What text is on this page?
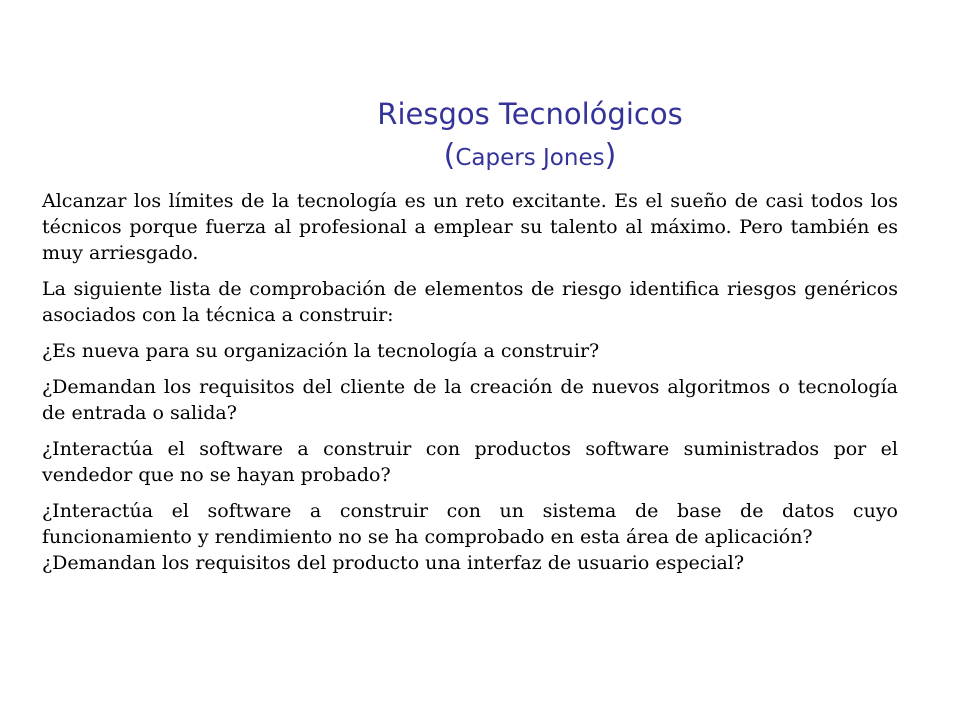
Riesgos Tecnológicos
(Capers Jones)

Alcanzar los límites de la tecnología es un reto excitante. Es el sueño de casi todos los técnicos porque fuerza al profesional a emplear su talento al máximo. Pero también es muy arriesgado.

La siguiente lista de comprobación de elementos de riesgo identifica riesgos genéricos asociados con la técnica a construir:

¿Es nueva para su organización la tecnología a construir?

¿Demandan los requisitos del cliente de la creación de nuevos algoritmos o tecnología de entrada o salida?

¿Interactúa el software a construir con productos software suministrados por el vendedor que no se hayan probado?

¿Interactúa el software a construir con un sistema de base de datos cuyo funcionamiento y rendimiento no se ha comprobado en esta área de aplicación?

¿Demandan los requisitos del producto una interfaz de usuario especial?
